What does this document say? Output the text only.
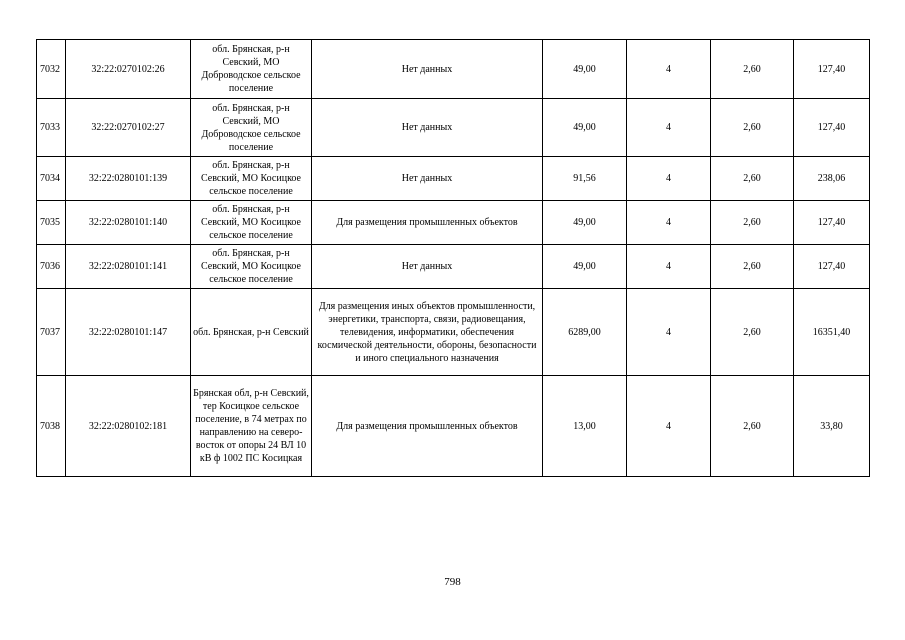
7032	32:22:0270102:26	обл. Брянская, р-н Севский, МО Доброводское сельское поселение	Нет данных	49,00	4	2,60	127,40
7033	32:22:0270102:27	обл. Брянская, р-н Севский, МО Доброводское сельское поселение	Нет данных	49,00	4	2,60	127,40
7034	32:22:0280101:139	обл. Брянская, р-н Севский, МО Косицкое сельское поселение	Нет данных	91,56	4	2,60	238,06
7035	32:22:0280101:140	обл. Брянская, р-н Севский, МО Косицкое сельское поселение	Для размещения промышленных объектов	49,00	4	2,60	127,40
7036	32:22:0280101:141	обл. Брянская, р-н Севский, МО Косицкое сельское поселение	Нет данных	49,00	4	2,60	127,40
7037	32:22:0280101:147	обл. Брянская, р-н Севский	Для размещения иных объектов промышленности, энергетики, транспорта, связи, радиовещания, телевидения, информатики, обеспечения космической деятельности, обороны, безопасности и иного специального назначения	6289,00	4	2,60	16351,40
7038	32:22:0280102:181	Брянская обл, р-н Севский, тер Косицкое сельское поселение, в 74 метрах по направлению на северо-восток от опоры 24 ВЛ 10 кВ ф 1002 ПС Косицкая	Для размещения промышленных объектов	13,00	4	2,60	33,80
798
